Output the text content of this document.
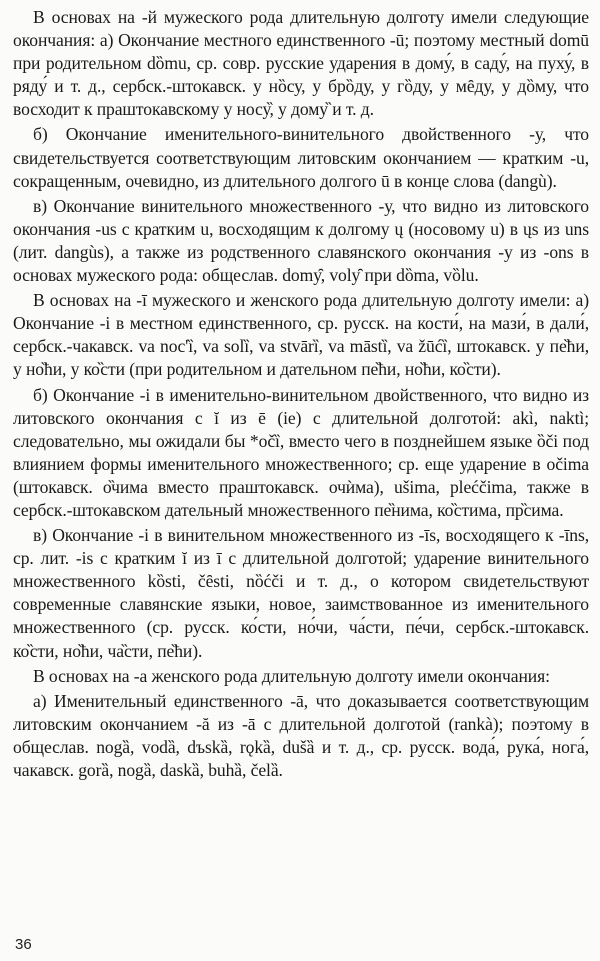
В основах на -й мужеского рода длительную долготу имели следующие окончания: а) Окончание местного единственного -ū; поэтому местный domū при родительном dȍmu, ср. совр. русские ударения в дому́, в саду́, на пуху́, в ряду́ и т. д., сербск.-штокавск. у нȍсу, у брȍду, у гȍду, у мȇду, у дȍму, что восходит к праштокавскому у носу̏, у дому̏ и т. д.

б) Окончание именительного-винительного двойственного -у, что свидетельствуется соответствующим литовским окончанием — кратким -u, сокращенным, очевидно, из длительного долгого ū в конце слова (dangù).

в) Окончание винительного множественного -у, что видно из литовского окончания -us с кратким u, восходящим к долгому ų (носовому u) в ųs из uns (лит. dangùs), а также из родственного славянского окончания -у из -ons в основах мужеского рода: общеслав. domy̑, volу̑ при dȍma, vȍlu.

В основах на -ī мужеского и женского рода длительную долготу имели: а) Окончание -i в местном единственного, ср. русск. на кости́, на мази́, в дали́, сербск.-чакавск. va noc'ȉ, va solȉ, va stvārȉ, va māstȉ, va žūćȉ, штокавск. у пе̏ћи, у но̏ћи, у ко̏сти (при родительном и дательном пе̏ћи, но̏ћи, ко̏сти).

б) Окончание -i в именительно-винительном двойственного, что видно из литовского окончания с ĭ из ē (ie) с длительной долготой: akì, naktì; следовательно, мы ожидали бы *očȉ, вместо чего в позднейшем языке ȍči под влиянием формы именительного множественного; ср. еще ударение в očima (штокавск. о̏чима вместо праштокавск. очѝма), ušima, plećčima, также в сербск.-штокавском дательный множественного пе̏нима, ко̏стима, пр̏сима.

в) Окончание -i в винительном множественного из -īs, восходящего к -īns, ср. лит. -is с кратким ĭ из ī с длительной долготой; ударение винительного множественного kȍsti, čȇsti, nȍćči и т. д., о котором свидетельствуют современные славянские языки, новое, заимствованное из именительного множественного (ср. русск. ко́сти, но́чи, ча́сти, пе́чи, сербск.-штокавск. ко̏сти, но̏ћи, ча̏сти, пе̏ћи).

В основах на -а женского рода длительную долготу имели окончания:

а) Именительный единственного -ā, что доказывается соответствующим литовским окончанием -ă из -ā с длительной долготой (rankà); поэтому в общеслав. nogȁ, vodȁ, dъskȁ, rǫkȁ, dušȁ и т. д., ср. русск. вода́, рука́, нога́, чакавск. gorȁ, nogȁ, daskȁ, buhȁ, čelȁ.

36
